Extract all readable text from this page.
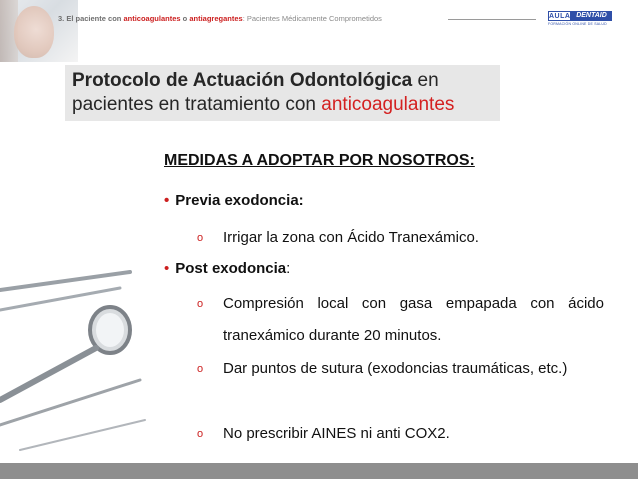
3. El paciente con anticoagulantes o antiagregantes: Pacientes Médicamente Comprometidos	AULA DENTAID
FORMACIÓN ONLINE DE SALUD
Protocolo de Actuación Odontológica en
pacientes en tratamiento con anticoagulantes
MEDIDAS A ADOPTAR POR NOSOTROS:
• Previa exodoncia:
o Irrigar la zona con Ácido Tranexámico.
• Post exodoncia:
o Compresión local con gasa empapada con ácido tranexámico durante 20 minutos.
o Dar puntos de sutura (exodoncias traumáticas, etc.)
o No prescribir AINES ni anti COX2.
